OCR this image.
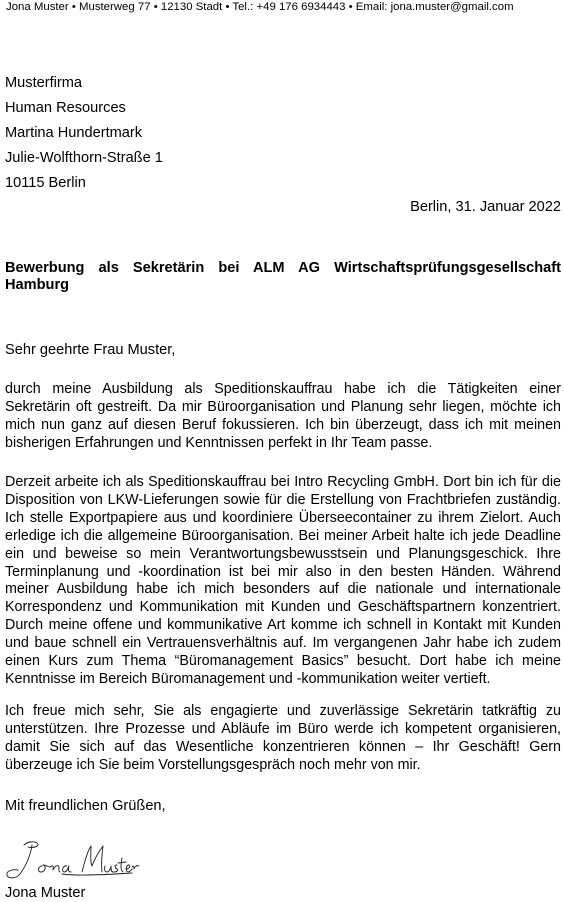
Jona Muster • Musterweg 77 • 12130 Stadt • Tel.: +49 176 6934443 • Email: jona.muster@gmail.com
Musterfirma
Human Resources
Martina Hundertmark
Julie-Wolfthorn-Straße 1
10115 Berlin
Berlin, 31. Januar 2022
Bewerbung als Sekretärin bei ALM AG Wirtschaftsprüfungsgesellschaft Hamburg
Sehr geehrte Frau Muster,
durch meine Ausbildung als Speditionskauffrau habe ich die Tätigkeiten einer Sekretärin oft gestreift. Da mir Büroorganisation und Planung sehr liegen, möchte ich mich nun ganz auf diesen Beruf fokussieren. Ich bin überzeugt, dass ich mit meinen bisherigen Erfahrungen und Kenntnissen perfekt in Ihr Team passe.
Derzeit arbeite ich als Speditionskauffrau bei Intro Recycling GmbH. Dort bin ich für die Disposition von LKW-Lieferungen sowie für die Erstellung von Frachtbriefen zuständig. Ich stelle Exportpapiere aus und koordiniere Überseecontainer zu ihrem Zielort. Auch erledige ich die allgemeine Büroorganisation. Bei meiner Arbeit halte ich jede Deadline ein und beweise so mein Verantwortungsbewusstsein und Planungsgeschick. Ihre Terminplanung und -koordination ist bei mir also in den besten Händen. Während meiner Ausbildung habe ich mich besonders auf die nationale und internationale Korrespondenz und Kommunikation mit Kunden und Geschäftspartnern konzentriert. Durch meine offene und kommunikative Art komme ich schnell in Kontakt mit Kunden und baue schnell ein Vertrauensverhältnis auf. Im vergangenen Jahr habe ich zudem einen Kurs zum Thema “Büromanagement Basics” besucht. Dort habe ich meine Kenntnisse im Bereich Büromanagement und -kommunikation weiter vertieft.
Ich freue mich sehr, Sie als engagierte und zuverlässige Sekretärin tatkräftig zu unterstützen. Ihre Prozesse und Abläufe im Büro werde ich kompetent organisieren, damit Sie sich auf das Wesentliche konzentrieren können – Ihr Geschäft! Gern überzeuge ich Sie beim Vorstellungsgespräch noch mehr von mir.
Mit freundlichen Grüßen,
Jona Muster
